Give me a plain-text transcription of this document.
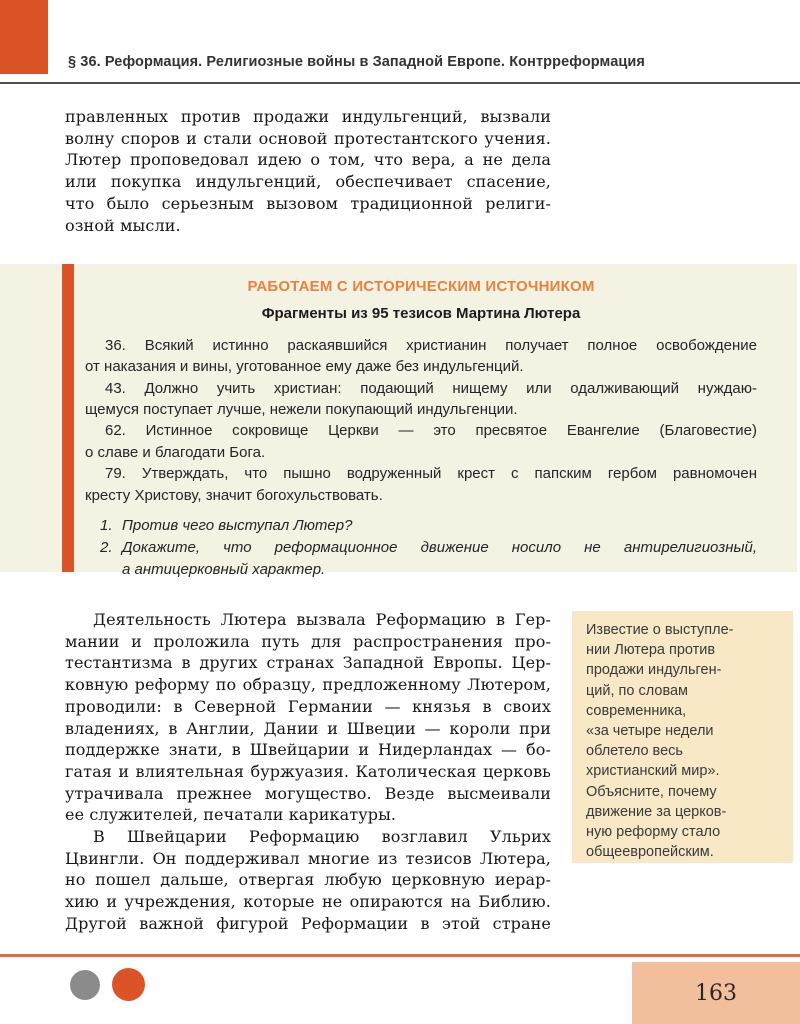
§ 36. Реформация. Религиозные войны в Западной Европе. Контрреформация
правленных против продажи индульгенций, вызвали
волну споров и стали основой протестантского учения.
Лютер проповедовал идею о том, что вера, а не дела
или покупка индульгенций, обеспечивает спасение,
что было серьезным вызовом традиционной религи-
озной мысли.
РАБОТАЕМ С ИСТОРИЧЕСКИМ ИСТОЧНИКОМ
Фрагменты из 95 тезисов Мартина Лютера
36. Всякий истинно раскаявшийся христианин получает полное освобождение
от наказания и вины, уготованное ему даже без индульгенций.
43. Должно учить христиан: подающий нищему или одалживающий нуждаю-
щемуся поступает лучше, нежели покупающий индульгенции.
62. Истинное сокровище Церкви — это пресвятое Евангелие (Благовестие)
о славе и благодати Бога.
79. Утверждать, что пышно водруженный крест с папским гербом равномочен
кресту Христову, значит богохульствовать.
1. Против чего выступал Лютер?
2. Докажите, что реформационное движение носило не антирелигиозный,
а антицерковный характер.
Деятельность Лютера вызвала Реформацию в Гер-
мании и проложила путь для распространения про-
тестантизма в других странах Западной Европы. Цер-
ковную реформу по образцу, предложенному Лютером,
проводили: в Северной Германии — князья в своих
владениях, в Англии, Дании и Швеции — короли при
поддержке знати, в Швейцарии и Нидерландах — бо-
гатая и влиятельная буржуазия. Католическая церковь
утрачивала прежнее могущество. Везде высмеивали
ее служителей, печатали карикатуры.
В Швейцарии Реформацию возглавил Ульрих
Цвингли. Он поддерживал многие из тезисов Лютера,
но пошел дальше, отвергая любую церковную иерар-
хию и учреждения, которые не опираются на Библию.
Другой важной фигурой Реформации в этой стране
Известие о выступле-
нии Лютера против
продажи индульген-
ций, по словам
современника,
«за четыре недели
облетело весь
христианский мир».
Объясните, почему
движение за церков-
ную реформу стало
общеевропейским.
163
